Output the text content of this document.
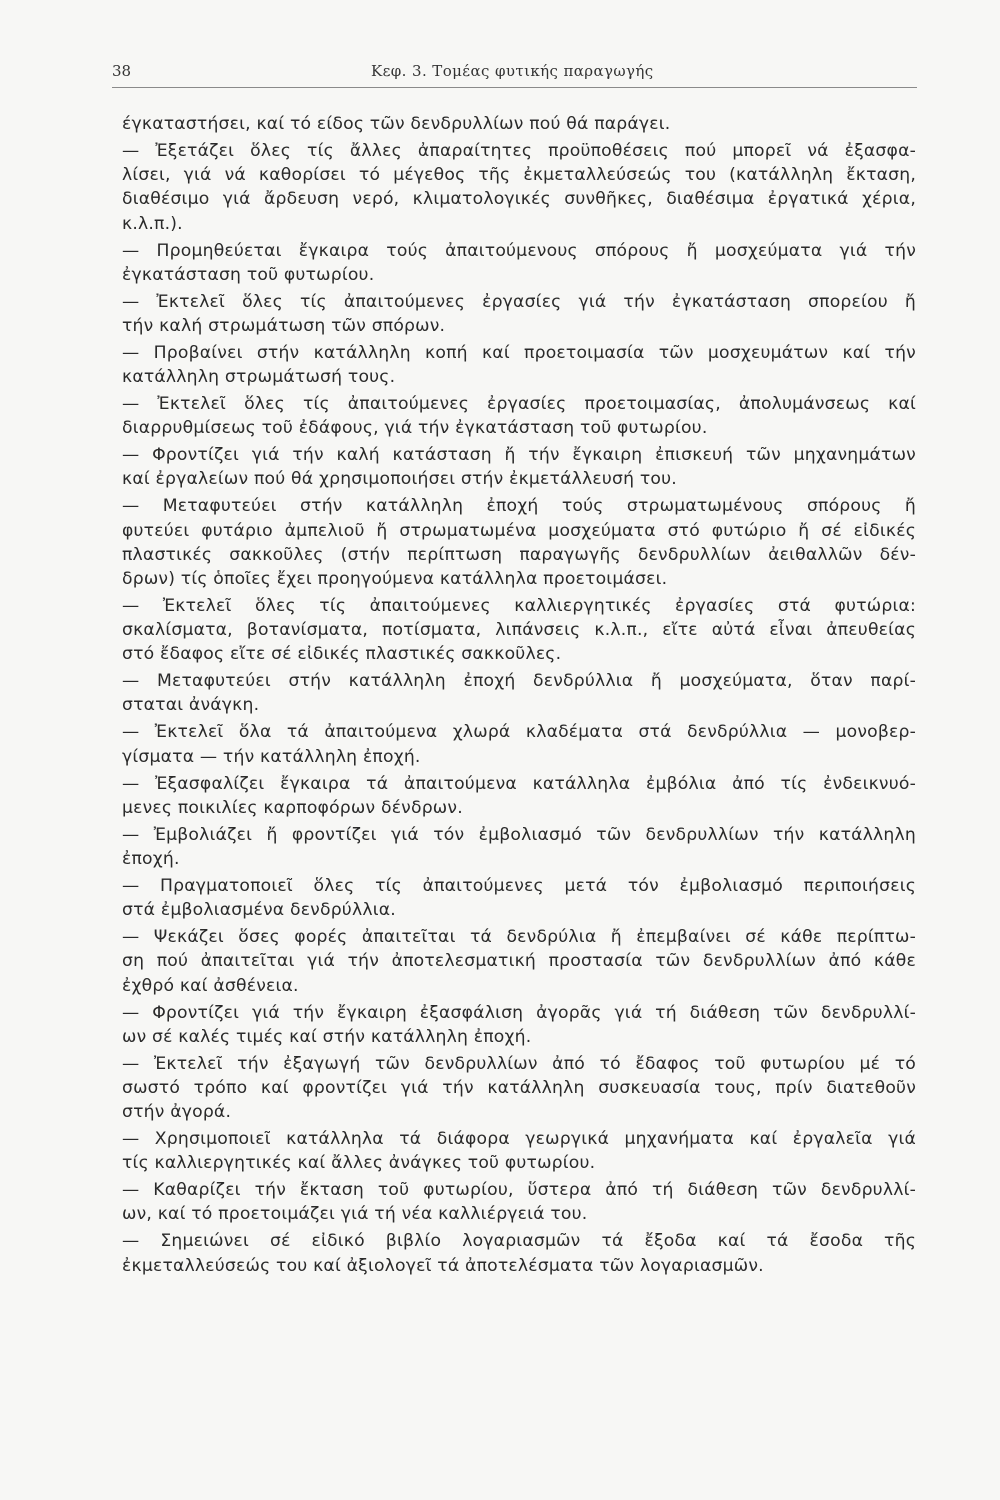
38	Κεφ. 3. Τομέας φυτικής παραγωγής
έγκαταστήσει, καί τό είδος τῶν δενδρυλλίων πού θά παράγει.
— Ἐξετάζει ὅλες τίς ἄλλες ἀπαραίτητες προϋποθέσεις πού μπορεῖ νά ἐξασφα-
λίσει, γιά νά καθορίσει τό μέγεθος τῆς ἐκμεταλλεύσεώς του (κατάλληλη ἔκταση,
διαθέσιμο γιά ἄρδευση νερό, κλιματολογικές συνθῆκες, διαθέσιμα ἐργατικά χέρια,
κ.λ.π.).
— Προμηθεύεται ἔγκαιρα τούς ἀπαιτούμενους σπόρους ἤ μοσχεύματα γιά τήν
ἐγκατάσταση τοῦ φυτωρίου.
— Ἐκτελεῖ ὅλες τίς ἀπαιτούμενες ἐργασίες γιά τήν ἐγκατάσταση σπορείου ἤ
τήν καλή στρωμάτωση τῶν σπόρων.
— Προβαίνει στήν κατάλληλη κοπή καί προετοιμασία τῶν μοσχευμάτων καί τήν
κατάλληλη στρωμάτωσή τους.
— Ἐκτελεῖ ὅλες τίς ἀπαιτούμενες ἐργασίες προετοιμασίας, ἀπολυμάνσεως καί
διαρρυθμίσεως τοῦ ἐδάφους, γιά τήν ἐγκατάσταση τοῦ φυτωρίου.
— Φροντίζει γιά τήν καλή κατάσταση ἤ τήν ἔγκαιρη ἐπισκευή τῶν μηχανημάτων
καί ἐργαλείων πού θά χρησιμοποιήσει στήν ἐκμετάλλευσή του.
— Μεταφυτεύει στήν κατάλληλη ἐποχή τούς στρωματωμένους σπόρους ἤ
φυτεύει φυτάριο ἀμπελιοῦ ἤ στρωματωμένα μοσχεύματα στό φυτώριο ἤ σέ εἰδικές
πλαστικές σακκοῦλες (στήν περίπτωση παραγωγῆς δενδρυλλίων ἀειθαλλῶν δέν-
δρων) τίς ὁποῖες ἔχει προηγούμενα κατάλληλα προετοιμάσει.
— Ἐκτελεῖ ὅλες τίς ἀπαιτούμενες καλλιεργητικές ἐργασίες στά φυτώρια:
σκαλίσματα, βοτανίσματα, ποτίσματα, λιπάνσεις κ.λ.π., εἴτε αὐτά εἶναι ἀπευθείας
στό ἔδαφος εἴτε σέ εἰδικές πλαστικές σακκοῦλες.
— Μεταφυτεύει στήν κατάλληλη ἐποχή δενδρύλλια ἤ μοσχεύματα, ὅταν παρί-
σταται ἀνάγκη.
— Ἐκτελεῖ ὅλα τά ἀπαιτούμενα χλωρά κλαδέματα στά δενδρύλλια — μονοβερ-
γίσματα — τήν κατάλληλη ἐποχή.
— Ἐξασφαλίζει ἔγκαιρα τά ἀπαιτούμενα κατάλληλα ἐμβόλια ἀπό τίς ἐνδεικνυό-
μενες ποικιλίες καρποφόρων δένδρων.
— Ἐμβολιάζει ἤ φροντίζει γιά τόν ἐμβολιασμό τῶν δενδρυλλίων τήν κατάλληλη
ἐποχή.
— Πραγματοποιεῖ ὅλες τίς ἀπαιτούμενες μετά τόν ἐμβολιασμό περιποιήσεις
στά ἐμβολιασμένα δενδρύλλια.
— Ψεκάζει ὅσες φορές ἀπαιτεῖται τά δενδρύλια ἤ ἐπεμβαίνει σέ κάθε περίπτω-
ση πού ἀπαιτεῖται γιά τήν ἀποτελεσματική προστασία τῶν δενδρυλλίων ἀπό κάθε
ἐχθρό καί ἀσθένεια.
— Φροντίζει γιά τήν ἔγκαιρη ἐξασφάλιση ἀγορᾶς γιά τή διάθεση τῶν δενδρυλλί-
ων σέ καλές τιμές καί στήν κατάλληλη ἐποχή.
— Ἐκτελεῖ τήν ἐξαγωγή τῶν δενδρυλλίων ἀπό τό ἔδαφος τοῦ φυτωρίου μέ τό
σωστό τρόπο καί φροντίζει γιά τήν κατάλληλη συσκευασία τους, πρίν διατεθοῦν
στήν ἀγορά.
— Χρησιμοποιεῖ κατάλληλα τά διάφορα γεωργικά μηχανήματα καί ἐργαλεῖα γιά
τίς καλλιεργητικές καί ἄλλες ἀνάγκες τοῦ φυτωρίου.
— Καθαρίζει τήν ἔκταση τοῦ φυτωρίου, ὕστερα ἀπό τή διάθεση τῶν δενδρυλλί-
ων, καί τό προετοιμάζει γιά τή νέα καλλιέργειά του.
— Σημειώνει σέ εἰδικό βιβλίο λογαριασμῶν τά ἔξοδα καί τά ἔσοδα τῆς
ἐκμεταλλεύσεώς του καί ἀξιολογεῖ τά ἀποτελέσματα τῶν λογαριασμῶν.
